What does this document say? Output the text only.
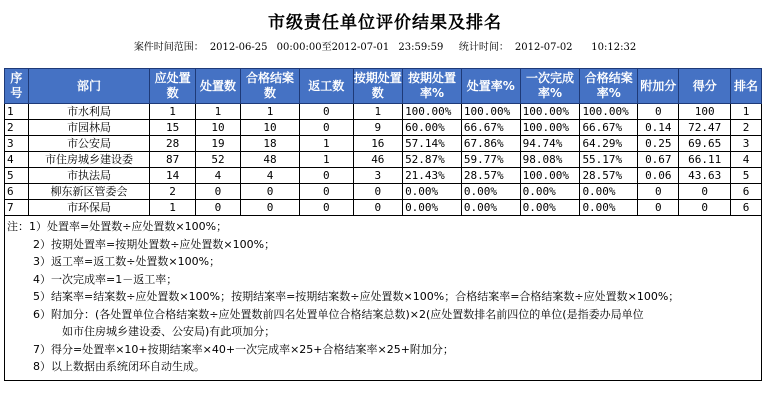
市级责任单位评价结果及排名
案件时间范围： 2012-06-25 00:00:00至2012-07-01 23:59:59 统计时间： 2012-07-02 10:12:32
序号	部门	应处置数	处置数	合格结案数	返工数	按期处置数	按期处置率%	处置率%	一次完成率%	合格结案率%	附加分	得分	排名
1	市水利局	1	1	1	0	1	100.00%	100.00%	100.00%	100.00%	0	100	1
2	市园林局	15	10	10	0	9	60.00%	66.67%	100.00%	66.67%	0.14	72.47	2
3	市公安局	28	19	18	1	16	57.14%	67.86%	94.74%	64.29%	0.25	69.65	3
4	市住房城乡建设委	87	52	48	1	46	52.87%	59.77%	98.08%	55.17%	0.67	66.11	4
5	市执法局	14	4	4	0	3	21.43%	28.57%	100.00%	28.57%	0.06	43.63	5
6	柳东新区管委会	2	0	0	0	0	0.00%	0.00%	0.00%	0.00%	0	0	6
7	市环保局	1	0	0	0	0	0.00%	0.00%	0.00%	0.00%	0	0	6
注：1）处置率=处置数÷应处置数×100%；
2）按期处置率=按期处置数÷应处置数×100%；
3）返工率=返工数÷处置数×100%；
4）一次完成率=1－返工率；
5）结案率=结案数÷应处置数×100%；按期结案率=按期结案数÷应处置数×100%；合格结案率=合格结案数÷应处置数×100%；
6）附加分：(各处置单位合格结案数÷应处置数前四名处置单位合格结案总数)×2(应处置数排名前四位的单位(是指委办局单位
如市住房城乡建设委、公安局)有此项加分；
7）得分=处置率×10+按期结案率×40+一次完成率×25+合格结案率×25+附加分；
8）以上数据由系统闭环自动生成。
